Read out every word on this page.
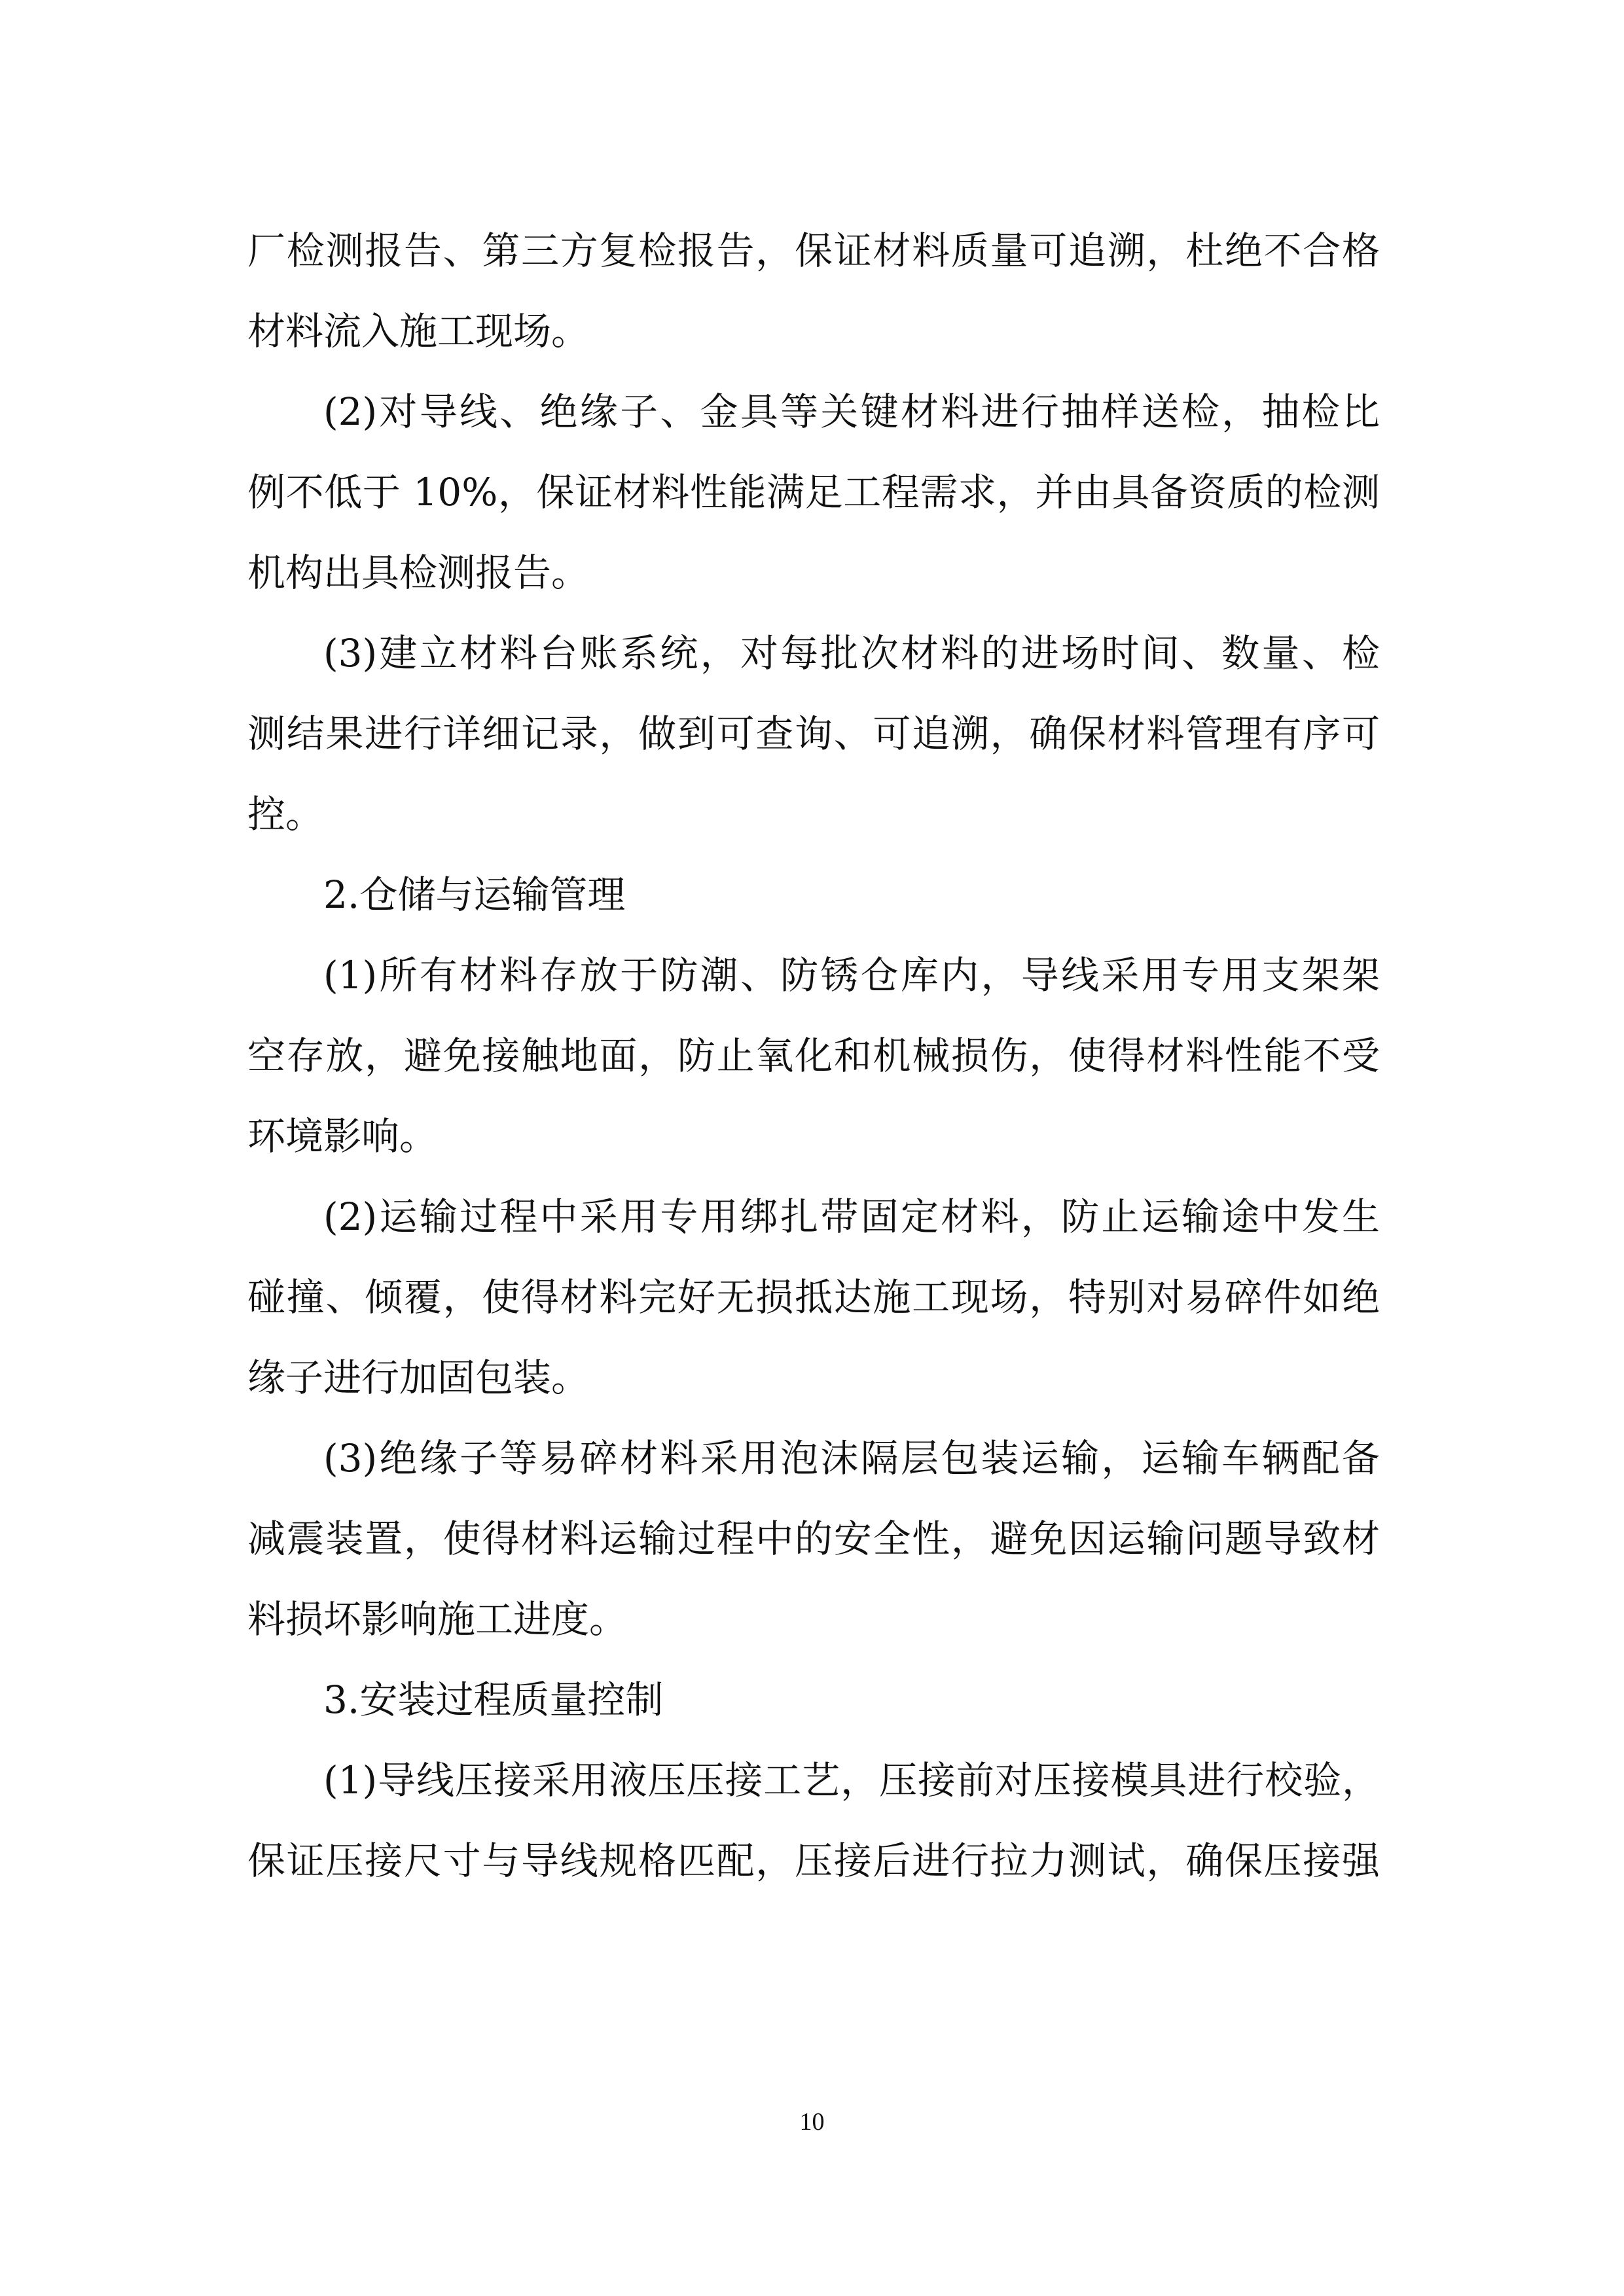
厂检测报告、第三方复检报告，保证材料质量可追溯，杜绝不合格
材料流入施工现场。
(2)对导线、绝缘子、金具等关键材料进行抽样送检，抽检比
例不低于 10%，保证材料性能满足工程需求，并由具备资质的检测
机构出具检测报告。
(3)建立材料台账系统，对每批次材料的进场时间、数量、检
测结果进行详细记录，做到可查询、可追溯，确保材料管理有序可
控。
2.仓储与运输管理
(1)所有材料存放于防潮、防锈仓库内，导线采用专用支架架
空存放，避免接触地面，防止氧化和机械损伤，使得材料性能不受
环境影响。
(2)运输过程中采用专用绑扎带固定材料，防止运输途中发生
碰撞、倾覆，使得材料完好无损抵达施工现场，特别对易碎件如绝
缘子进行加固包装。
(3)绝缘子等易碎材料采用泡沫隔层包装运输，运输车辆配备
减震装置，使得材料运输过程中的安全性，避免因运输问题导致材
料损坏影响施工进度。
3.安装过程质量控制
(1)导线压接采用液压压接工艺，压接前对压接模具进行校验，
保证压接尺寸与导线规格匹配，压接后进行拉力测试，确保压接强
10
